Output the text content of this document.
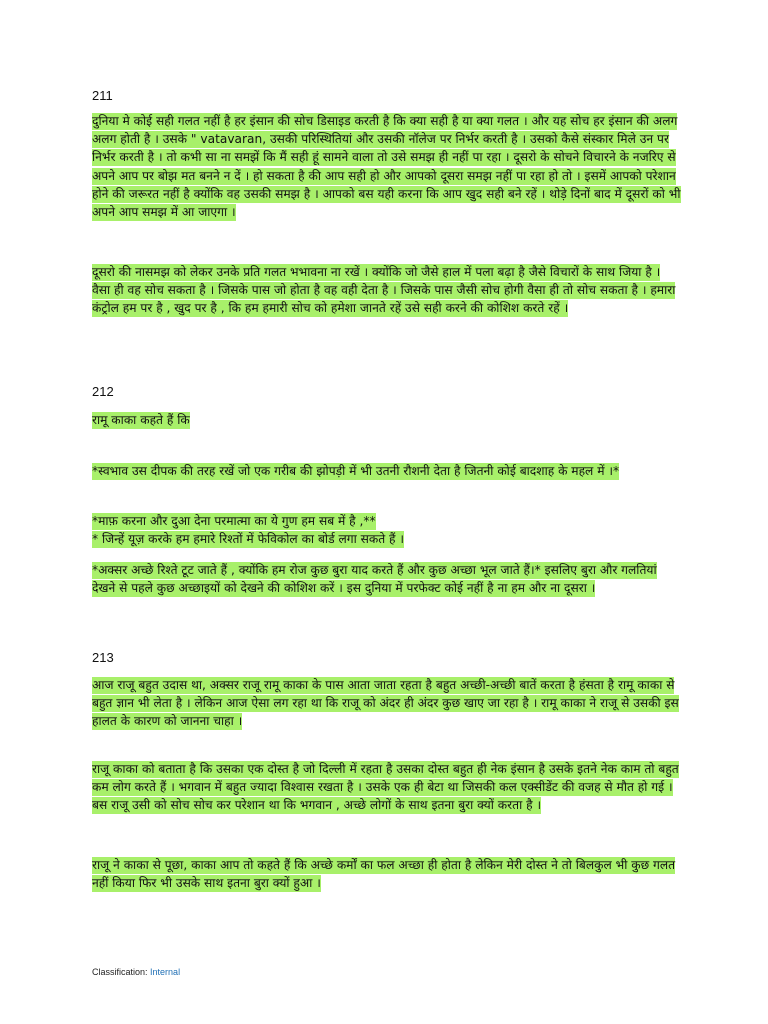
211

दुनिया मे कोई सही गलत नहीं है हर इंसान की सोच डिसाइड करती है कि क्या सही है या क्या गलत । और यह सोच हर इंसान की अलग अलग होती है । उसके " vatavaran, उसकी परिस्थितियां और उसकी नॉलेज पर निर्भर करती है । उसको कैसे संस्कार मिले उन पर निर्भर करती है । तो कभी सा ना समझें कि मैं सही हूं सामने वाला तो उसे समझ ही नहीं पा रहा । दूसरो के सोचने विचारने के नजरिए से अपने आप पर बोझ मत बनने न दें । हो सकता है की आप सही हो और आपको दूसरा समझ नहीं पा रहा हो तो । इसमें आपको परेशान होने की जरूरत नहीं है क्योंकि वह उसकी समझ है । आपको बस यही करना कि आप खुद सही बने रहें । थोड़े दिनों बाद में दूसरों को भी अपने आप समझ में आ जाएगा ।

दूसरो की नासमझ को लेकर उनके प्रति गलत भभावना ना रखें । क्योंकि जो जैसे हाल में पला बढ़ा है जैसे विचारों के साथ जिया है । वैसा ही वह सोच सकता है । जिसके पास जो होता है वह वही देता है । जिसके पास जैसी सोच होगी वैसा ही तो सोच सकता है । हमारा कंट्रोल हम पर है , खुद पर है , कि हम हमारी सोच को हमेशा जानते रहें उसे सही करने की कोशिश करते रहें ।

212

रामू काका कहते हैं कि

*स्वभाव उस दीपक की तरह रखें जो एक गरीब की झोपड़ी में भी उतनी रौशनी देता है जितनी कोई बादशाह के महल में ।*

*माफ़ करना और दुआ देना परमात्मा का ये गुण हम सब में है ,**

* जिन्हें यूज़ करके हम हमारे रिश्तों में फेविकोल का बोर्ड लगा सकते हैं ।

*अक्सर अच्छे रिश्ते टूट जाते हैं , क्योंकि हम रोज कुछ बुरा याद करते हैं और कुछ अच्छा भूल जाते हैं।* इसलिए बुरा और गलतियां देखने से पहले कुछ अच्छाइयों को देखने की कोशिश करें । इस दुनिया में परफेक्ट कोई नहीं है ना हम और ना दूसरा ।

213

आज राजू बहुत उदास था, अक्सर राजू रामू काका के पास आता जाता रहता है बहुत अच्छी-अच्छी बातें करता है हंसता है रामू काका से बहुत ज्ञान भी लेता है । लेकिन आज ऐसा लग रहा था कि राजू को अंदर ही अंदर कुछ खाए जा रहा है । रामू काका ने राजू से उसकी इस हालत के कारण को जानना चाहा ।

राजू काका को बताता है कि उसका एक दोस्त है जो दिल्ली में रहता है उसका दोस्त बहुत ही नेक इंसान है उसके इतने नेक काम तो बहुत कम लोग करते हैं । भगवान में बहुत ज्यादा विश्वास रखता है । उसके एक ही बेटा था जिसकी कल एक्सीडेंट की वजह से मौत हो गई । बस राजू उसी को सोच सोच कर परेशान था कि भगवान , अच्छे लोगों के साथ इतना बुरा क्यों करता है ।

राजू ने काका से पूछा, काका आप तो कहते हैं कि अच्छे कर्मों का फल अच्छा ही होता है लेकिन मेरी दोस्त ने तो बिलकुल भी कुछ गलत नहीं किया फिर भी उसके साथ इतना बुरा क्यों हुआ ।

Classification: Internal
